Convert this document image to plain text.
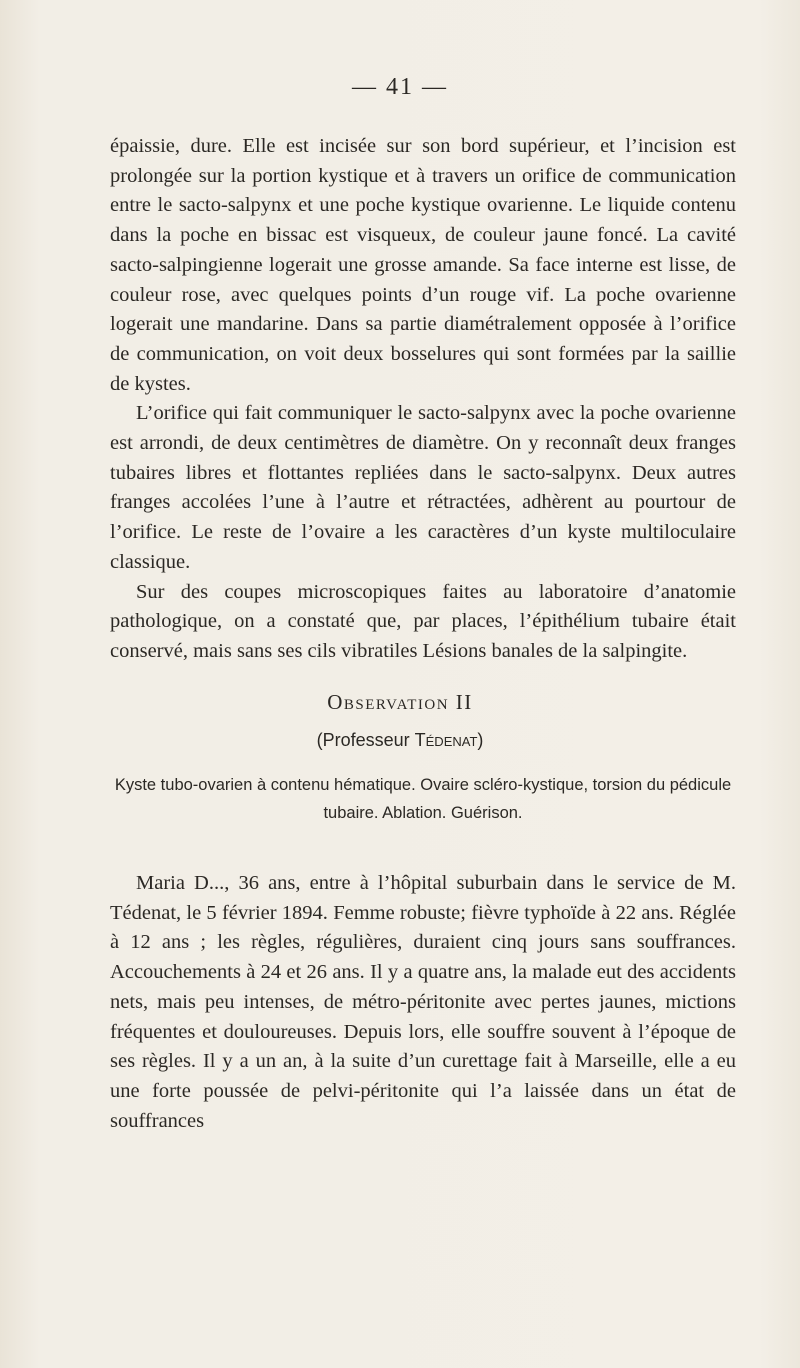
— 41 —

épaissie, dure. Elle est incisée sur son bord supérieur, et l’incision est prolongée sur la portion kystique et à travers un orifice de communication entre le sacto-salpynx et une poche kystique ovarienne. Le liquide contenu dans la poche en bissac est visqueux, de couleur jaune foncé. La cavité sacto-salpingienne logerait une grosse amande. Sa face interne est lisse, de couleur rose, avec quelques points d’un rouge vif. La poche ovarienne logerait une mandarine. Dans sa partie diamétralement opposée à l’orifice de communication, on voit deux bosselures qui sont formées par la saillie de kystes.

L’orifice qui fait communiquer le sacto-salpynx avec la poche ovarienne est arrondi, de deux centimètres de diamètre. On y reconnaît deux franges tubaires libres et flottantes repliées dans le sacto-salpynx. Deux autres franges accolées l’une à l’autre et rétractées, adhèrent au pourtour de l’orifice. Le reste de l’ovaire a les caractères d’un kyste multiloculaire classique.

Sur des coupes microscopiques faites au laboratoire d’anatomie pathologique, on a constaté que, par places, l’épithélium tubaire était conservé, mais sans ses cils vibratiles Lésions banales de la salpingite.

Observation II
(Professeur Tédenat)
Kyste tubo-ovarien à contenu hématique. Ovaire scléro-kystique, torsion du pédicule tubaire. Ablation. Guérison.

Maria D..., 36 ans, entre à l’hôpital suburbain dans le service de M. Tédenat, le 5 février 1894. Femme robuste; fièvre typhoïde à 22 ans. Réglée à 12 ans ; les règles, régulières, duraient cinq jours sans souffrances. Accouchements à 24 et 26 ans. Il y a quatre ans, la malade eut des accidents nets, mais peu intenses, de métro-péritonite avec pertes jaunes, mictions fréquentes et douloureuses. Depuis lors, elle souffre souvent à l’époque de ses règles. Il y a un an, à la suite d’un curettage fait à Marseille, elle a eu une forte poussée de pelvi-péritonite qui l’a laissée dans un état de souffrances
